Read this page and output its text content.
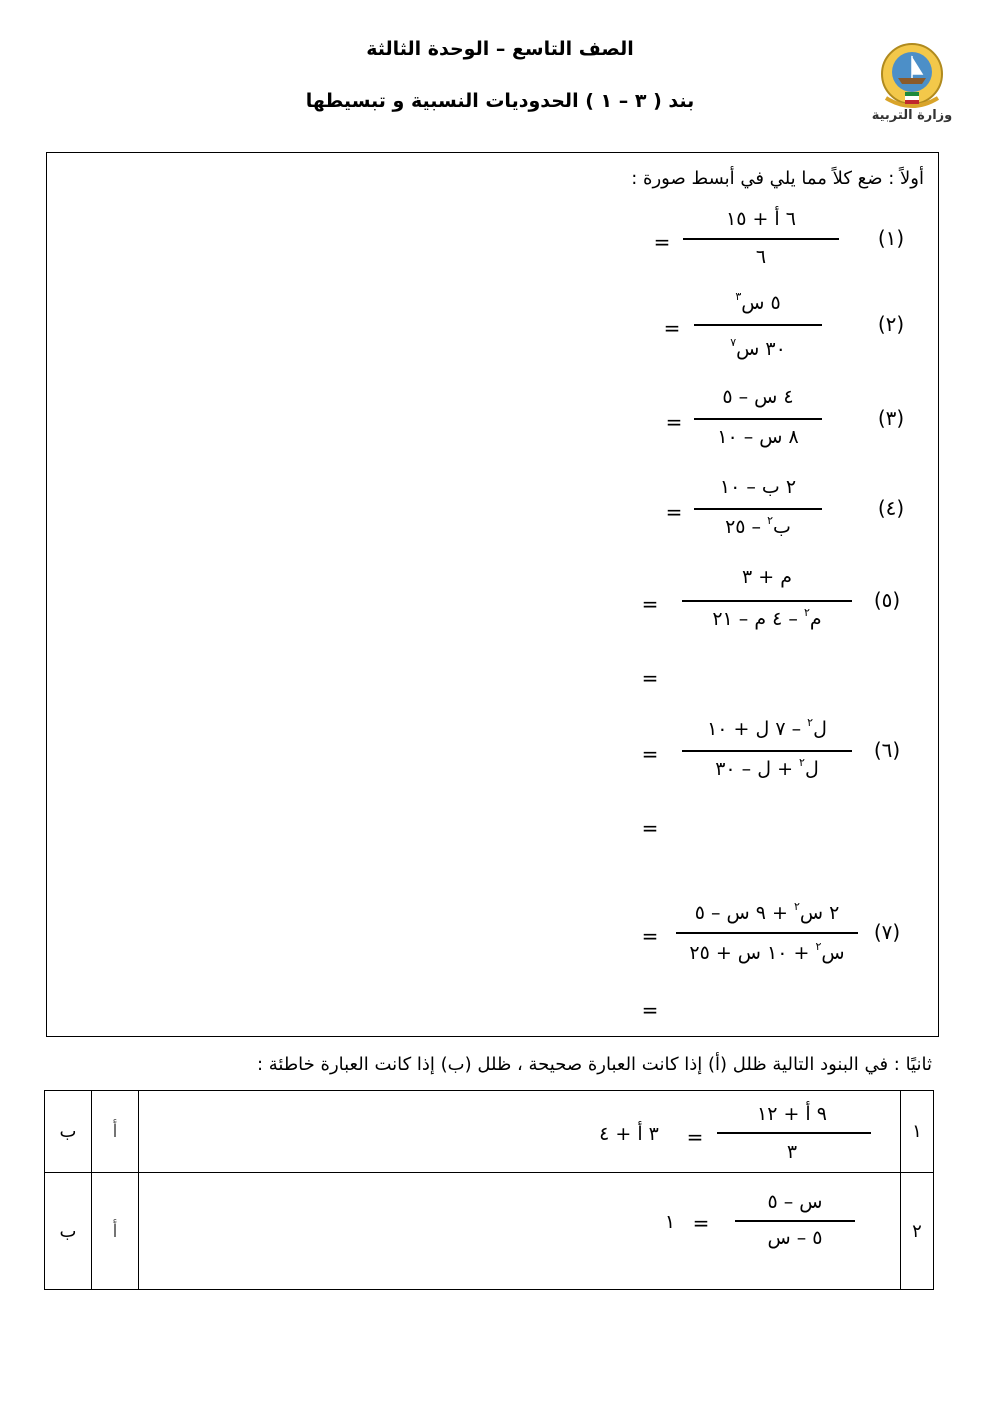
الصف التاسع – الوحدة الثالثة
بند ( ٣ – ١ ) الحدوديات النسبية و تبسيطها
وزارة التربية
أولاً : ضع كلاً مما يلي في أبسط صورة :
(١)
٦ أ + ١٥
٦
=
(٢)
٥ س$^٣$
٣٠ س$^٧$
=
(٣)
٤ س – ٥
٨ س – ١٠
=
(٤)
٢ ب – ١٠
ب$^٢$ – ٢٥
=
(٥)
م + ٣
م$^٢$ – ٤ م – ٢١
=
=
(٦)
ل$^٢$ – ٧ ل + ١٠
ل$^٢$ + ل – ٣٠
=
=
(٧)
٢ س$^٢$ + ٩ س – ٥
س$^٢$ + ١٠ س + ٢٥
=
=
ثانيًا : في البنود التالية ظلل (أ) إذا كانت العبارة صحيحة ، ظلل (ب) إذا كانت العبارة خاطئة :
ب	أ	٩ أ + ١٢
٣
=
٣ أ + ٤	١
ب	أ	س – ٥
٥ – س
=
١	٢
